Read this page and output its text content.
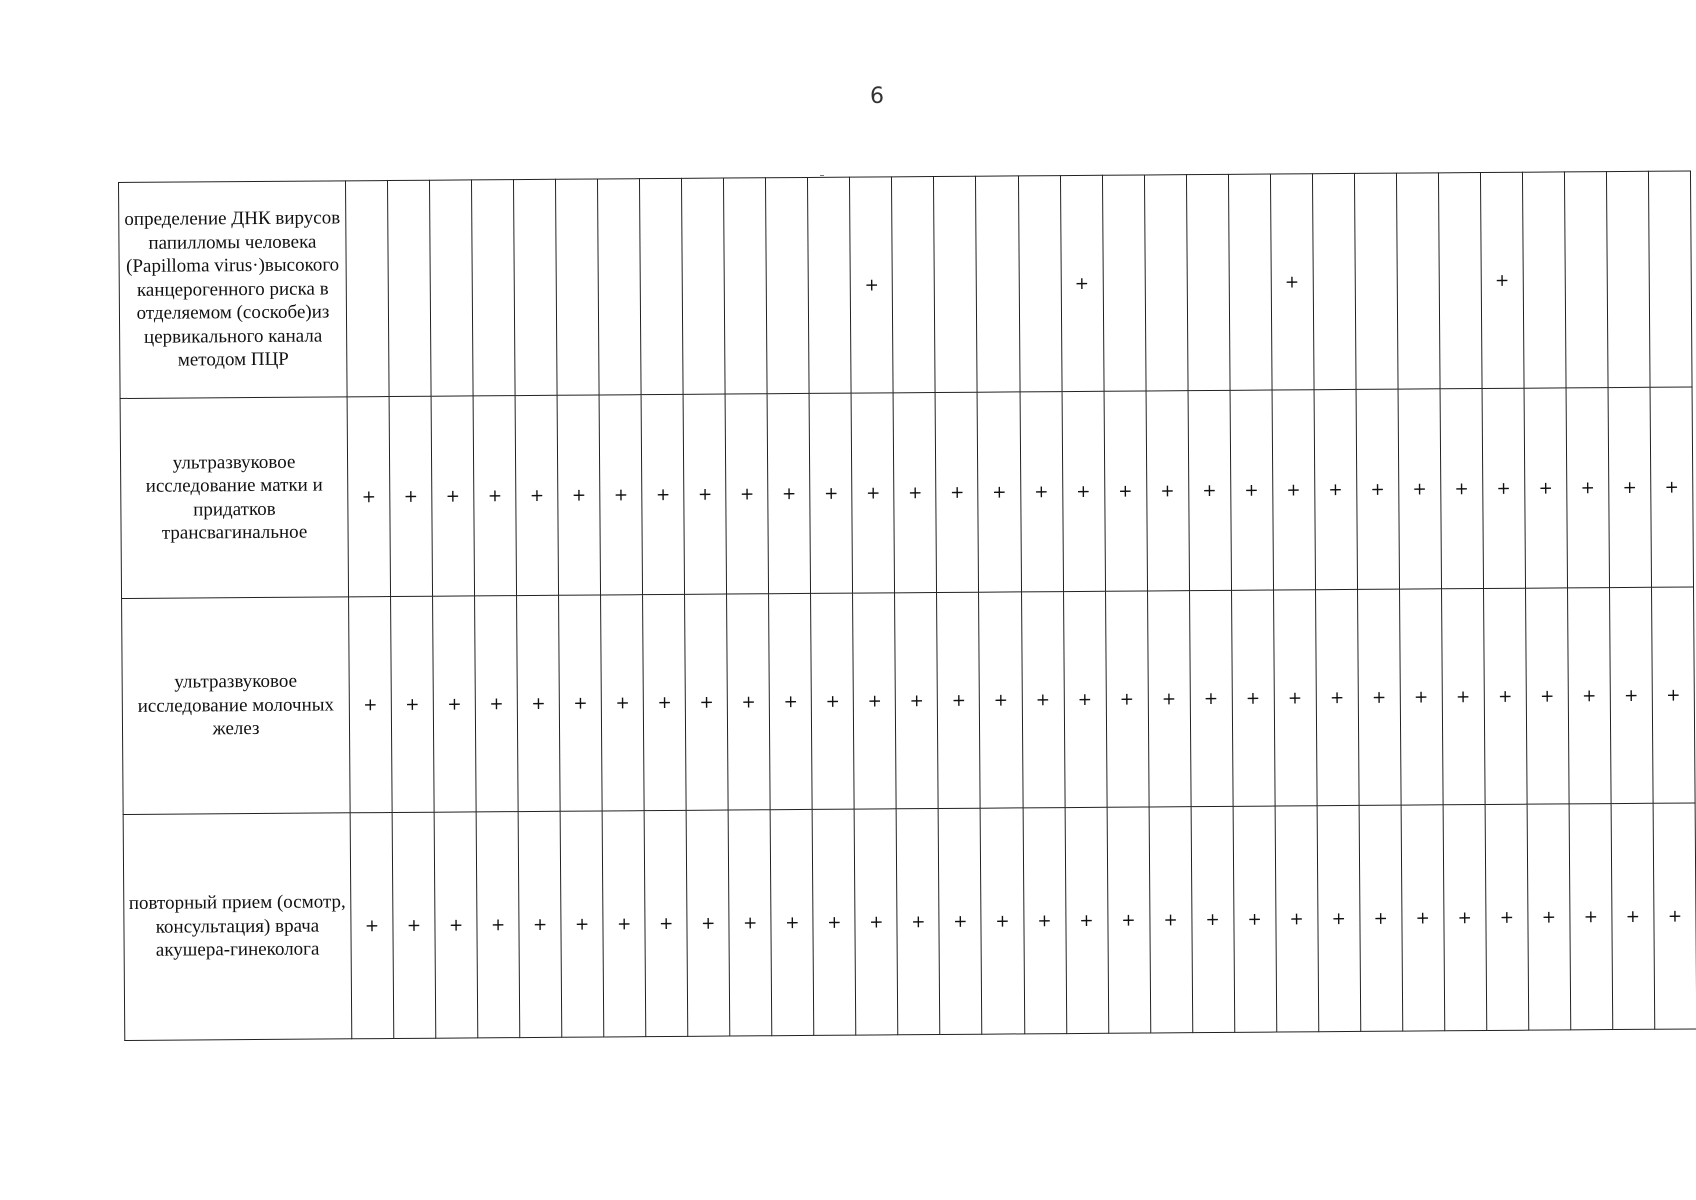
6
определение ДНК вирусов папилломы человека (Papilloma virus·)высокого канцерогенного риска в отделяемом (соскобе)из цервикального канала методом ПЦР													+					+					+					+				
ультразвуковое исследование матки и придатков трансвагинальное	+	+	+	+	+	+	+	+	+	+	+	+	+	+	+	+	+	+	+	+	+	+	+	+	+	+	+	+	+	+	+	+
ультразвуковое исследование молочных желез	+	+	+	+	+	+	+	+	+	+	+	+	+	+	+	+	+	+	+	+	+	+	+	+	+	+	+	+	+	+	+	+
повторный прием (осмотр, консультация) врача акушера-гинеколога	+	+	+	+	+	+	+	+	+	+	+	+	+	+	+	+	+	+	+	+	+	+	+	+	+	+	+	+	+	+	+	+
